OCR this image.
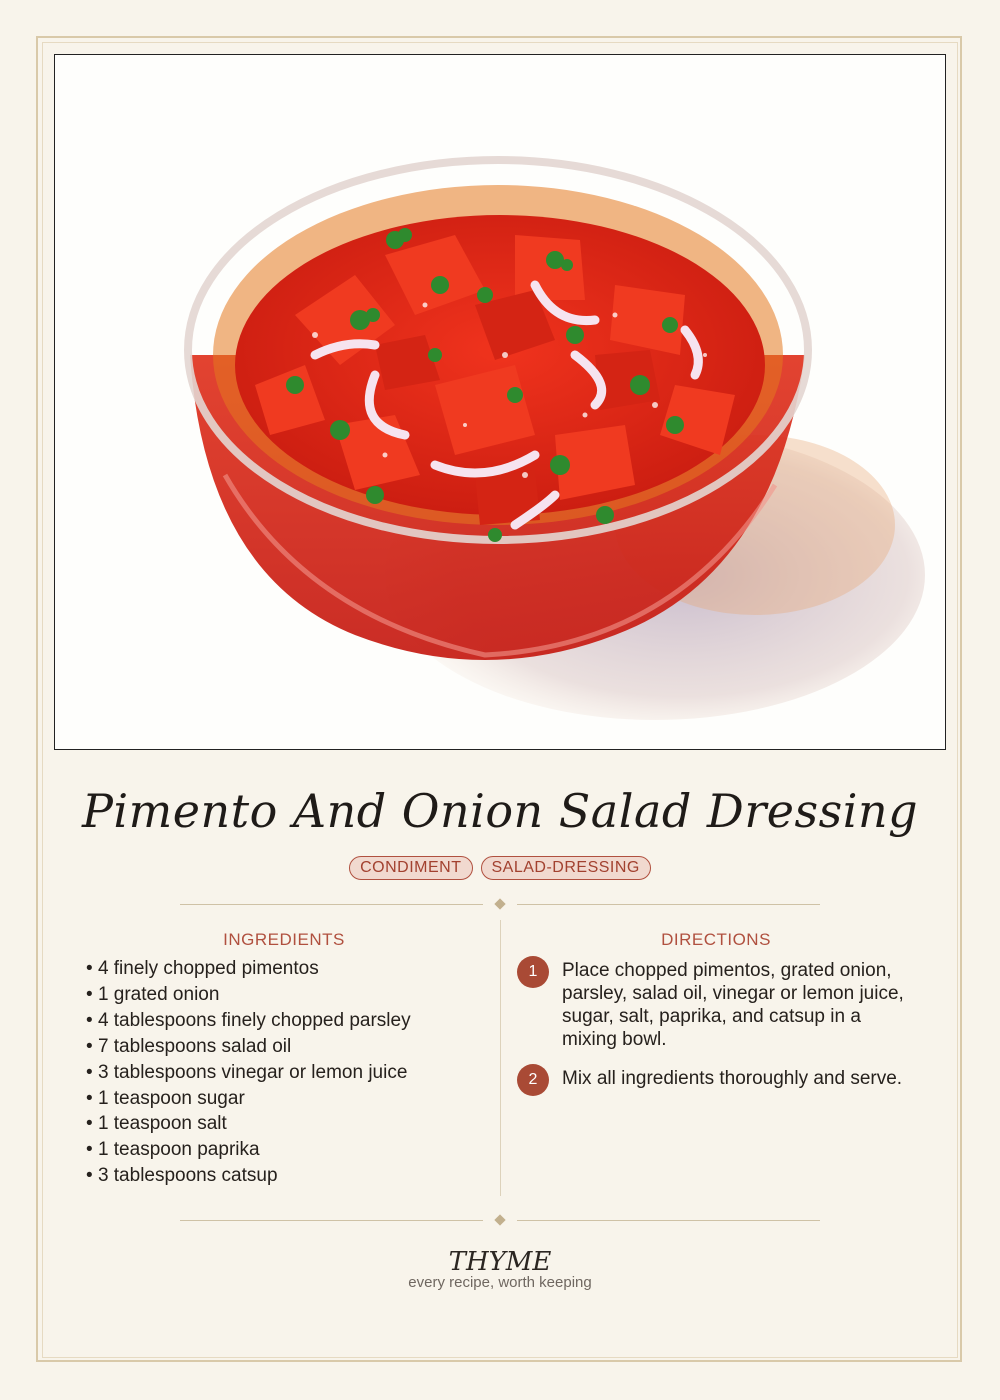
Pimento And Onion Salad Dressing
CONDIMENT SALAD-DRESSING
INGREDIENTS
• 4 finely chopped pimentos
• 1 grated onion
• 4 tablespoons finely chopped parsley
• 7 tablespoons salad oil
• 3 tablespoons vinegar or lemon juice
• 1 teaspoon sugar
• 1 teaspoon salt
• 1 teaspoon paprika
• 3 tablespoons catsup
DIRECTIONS
1	Place chopped pimentos, grated onion, parsley, salad oil, vinegar or lemon juice, sugar, salt, paprika, and catsup in a mixing bowl.
2	Mix all ingredients thoroughly and serve.
THYME
every recipe, worth keeping
